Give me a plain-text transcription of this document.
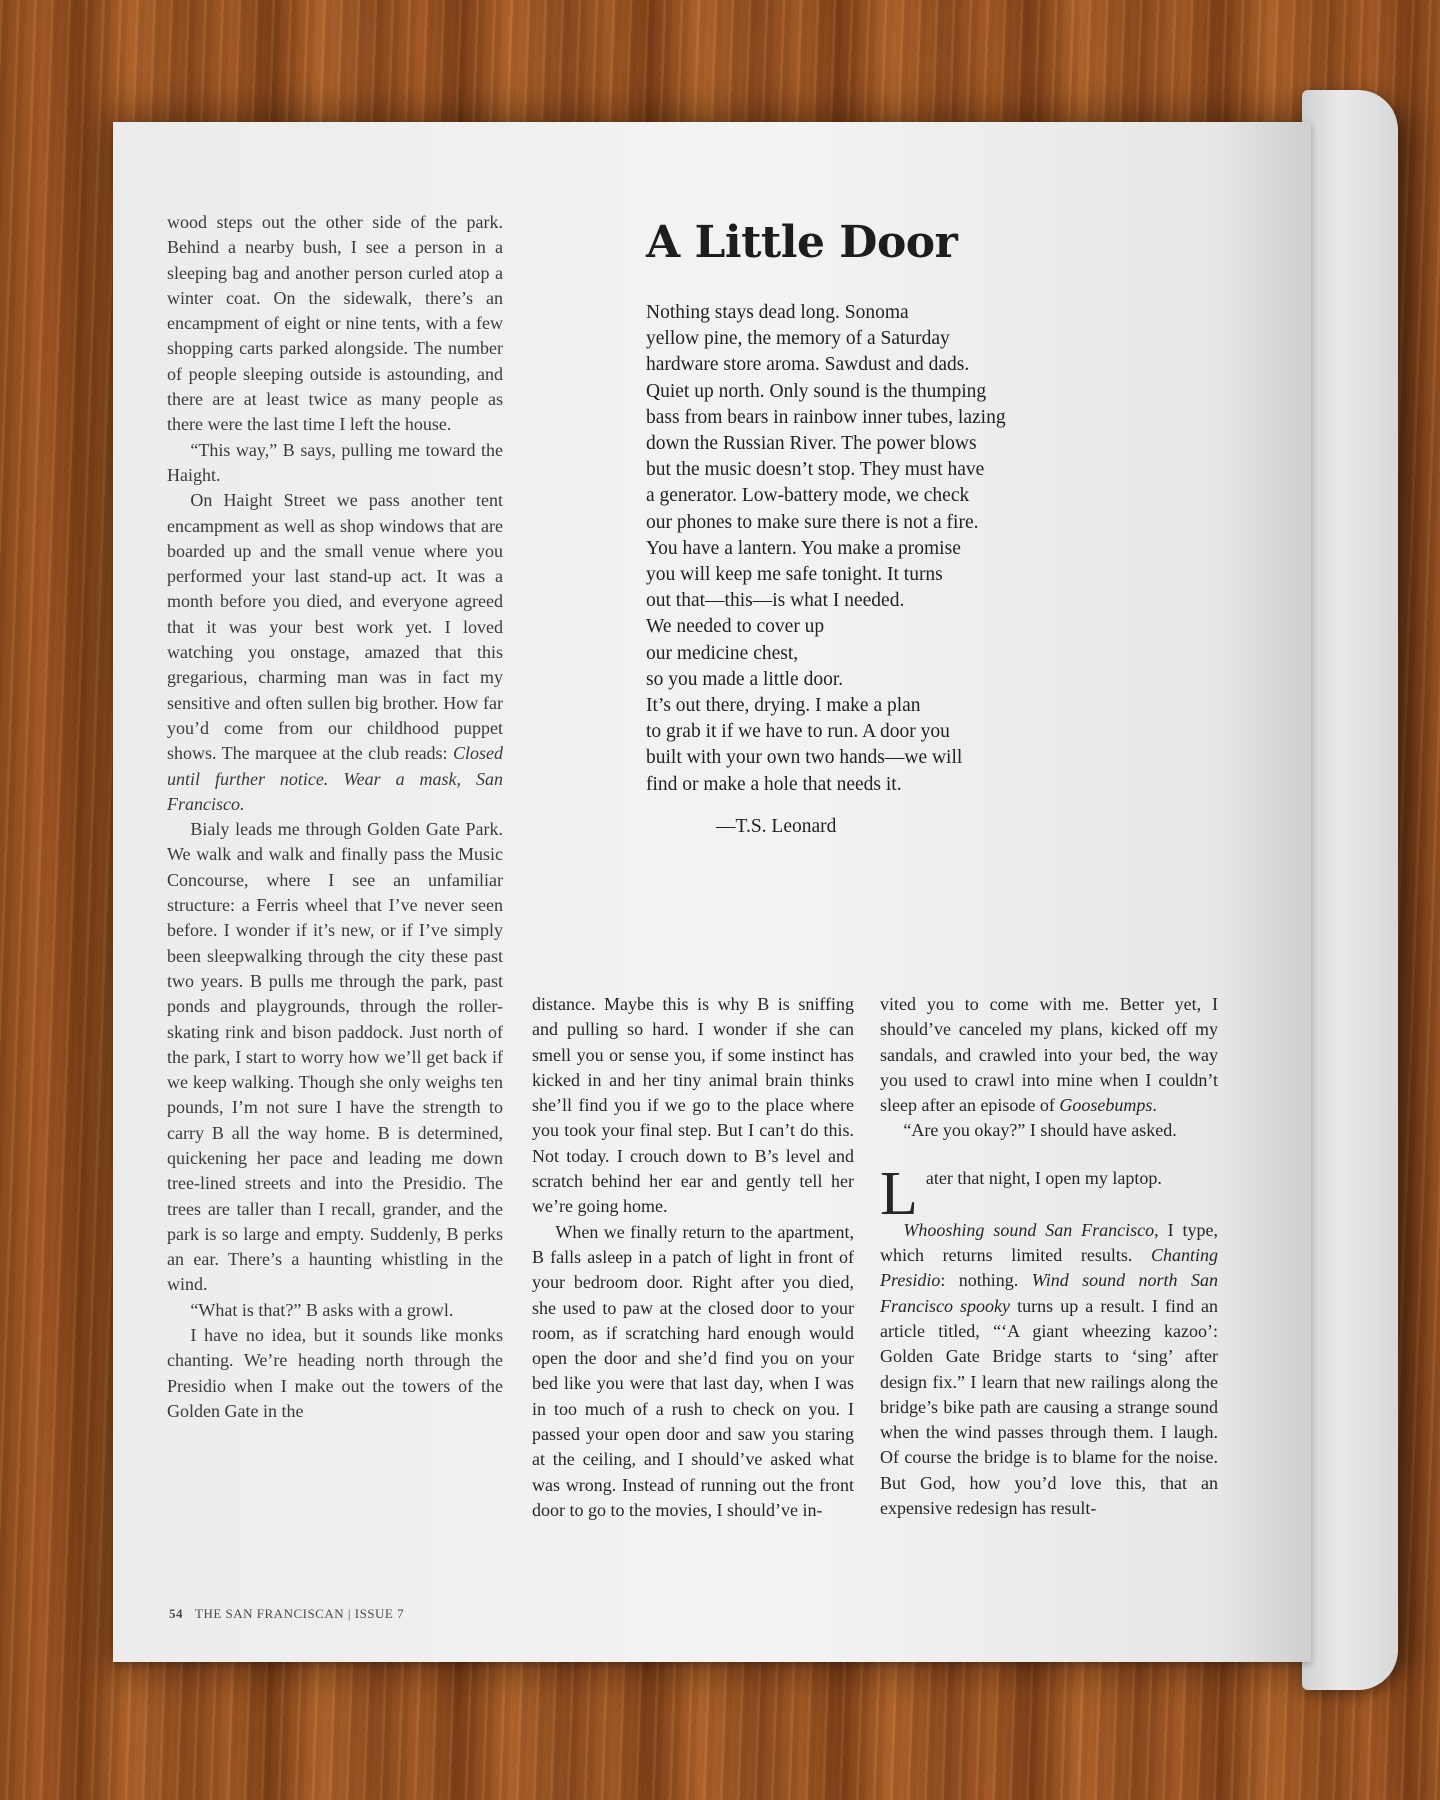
wood steps out the other side of the park. Behind a nearby bush, I see a person in a sleeping bag and another person curled atop a winter coat. On the sidewalk, there’s an encampment of eight or nine tents, with a few shopping carts parked alongside. The number of people sleeping outside is astounding, and there are at least twice as many people as there were the last time I left the house.

“This way,” B says, pulling me toward the Haight.

On Haight Street we pass another tent encampment as well as shop windows that are boarded up and the small venue where you performed your last stand-up act. It was a month before you died, and everyone agreed that it was your best work yet. I loved watching you onstage, amazed that this gregarious, charming man was in fact my sensitive and often sullen big brother. How far you’d come from our childhood puppet shows. The marquee at the club reads: Closed until further notice. Wear a mask, San Francisco.

Bialy leads me through Golden Gate Park. We walk and walk and finally pass the Music Concourse, where I see an unfamiliar structure: a Ferris wheel that I’ve never seen before. I wonder if it’s new, or if I’ve simply been sleepwalking through the city these past two years. B pulls me through the park, past ponds and playgrounds, through the roller-skating rink and bison paddock. Just north of the park, I start to worry how we’ll get back if we keep walking. Though she only weighs ten pounds, I’m not sure I have the strength to carry B all the way home. B is determined, quickening her pace and leading me down tree-lined streets and into the Presidio. The trees are taller than I recall, grander, and the park is so large and empty. Suddenly, B perks an ear. There’s a haunting whistling in the wind.

“What is that?” B asks with a growl.

I have no idea, but it sounds like monks chanting. We’re heading north through the Presidio when I make out the towers of the Golden Gate in the

A Little Door
Nothing stays dead long. Sonoma
yellow pine, the memory of a Saturday
hardware store aroma. Sawdust and dads.
Quiet up north. Only sound is the thumping
bass from bears in rainbow inner tubes, lazing
down the Russian River. The power blows
but the music doesn’t stop. They must have
a generator. Low-battery mode, we check
our phones to make sure there is not a fire.
You have a lantern. You make a promise
you will keep me safe tonight. It turns
out that—this—is what I needed.
We needed to cover up
our medicine chest,
so you made a little door.
It’s out there, drying. I make a plan
to grab it if we have to run. A door you
built with your own two hands—we will
find or make a hole that needs it.
—T.S. Leonard

distance. Maybe this is why B is sniffing and pulling so hard. I wonder if she can smell you or sense you, if some instinct has kicked in and her tiny animal brain thinks she’ll find you if we go to the place where you took your final step. But I can’t do this. Not today. I crouch down to B’s level and scratch behind her ear and gently tell her we’re going home.

When we finally return to the apartment, B falls asleep in a patch of light in front of your bedroom door. Right after you died, she used to paw at the closed door to your room, as if scratching hard enough would open the door and she’d find you on your bed like you were that last day, when I was in too much of a rush to check on you. I passed your open door and saw you staring at the ceiling, and I should’ve asked what was wrong. Instead of running out the front door to go to the movies, I should’ve in-

vited you to come with me. Better yet, I should’ve canceled my plans, kicked off my sandals, and crawled into your bed, the way you used to crawl into mine when I couldn’t sleep after an episode of Goosebumps.

“Are you okay?” I should have asked.

Later that night, I open my laptop.

Whooshing sound San Francisco, I type, which returns limited results. Chanting Presidio: nothing. Wind sound north San Francisco spooky turns up a result. I find an article titled, “‘A giant wheezing kazoo’: Golden Gate Bridge starts to ‘sing’ after design fix.” I learn that new railings along the bridge’s bike path are causing a strange sound when the wind passes through them. I laugh. Of course the bridge is to blame for the noise. But God, how you’d love this, that an expensive redesign has result-

54 THE SAN FRANCISCAN | ISSUE 7
